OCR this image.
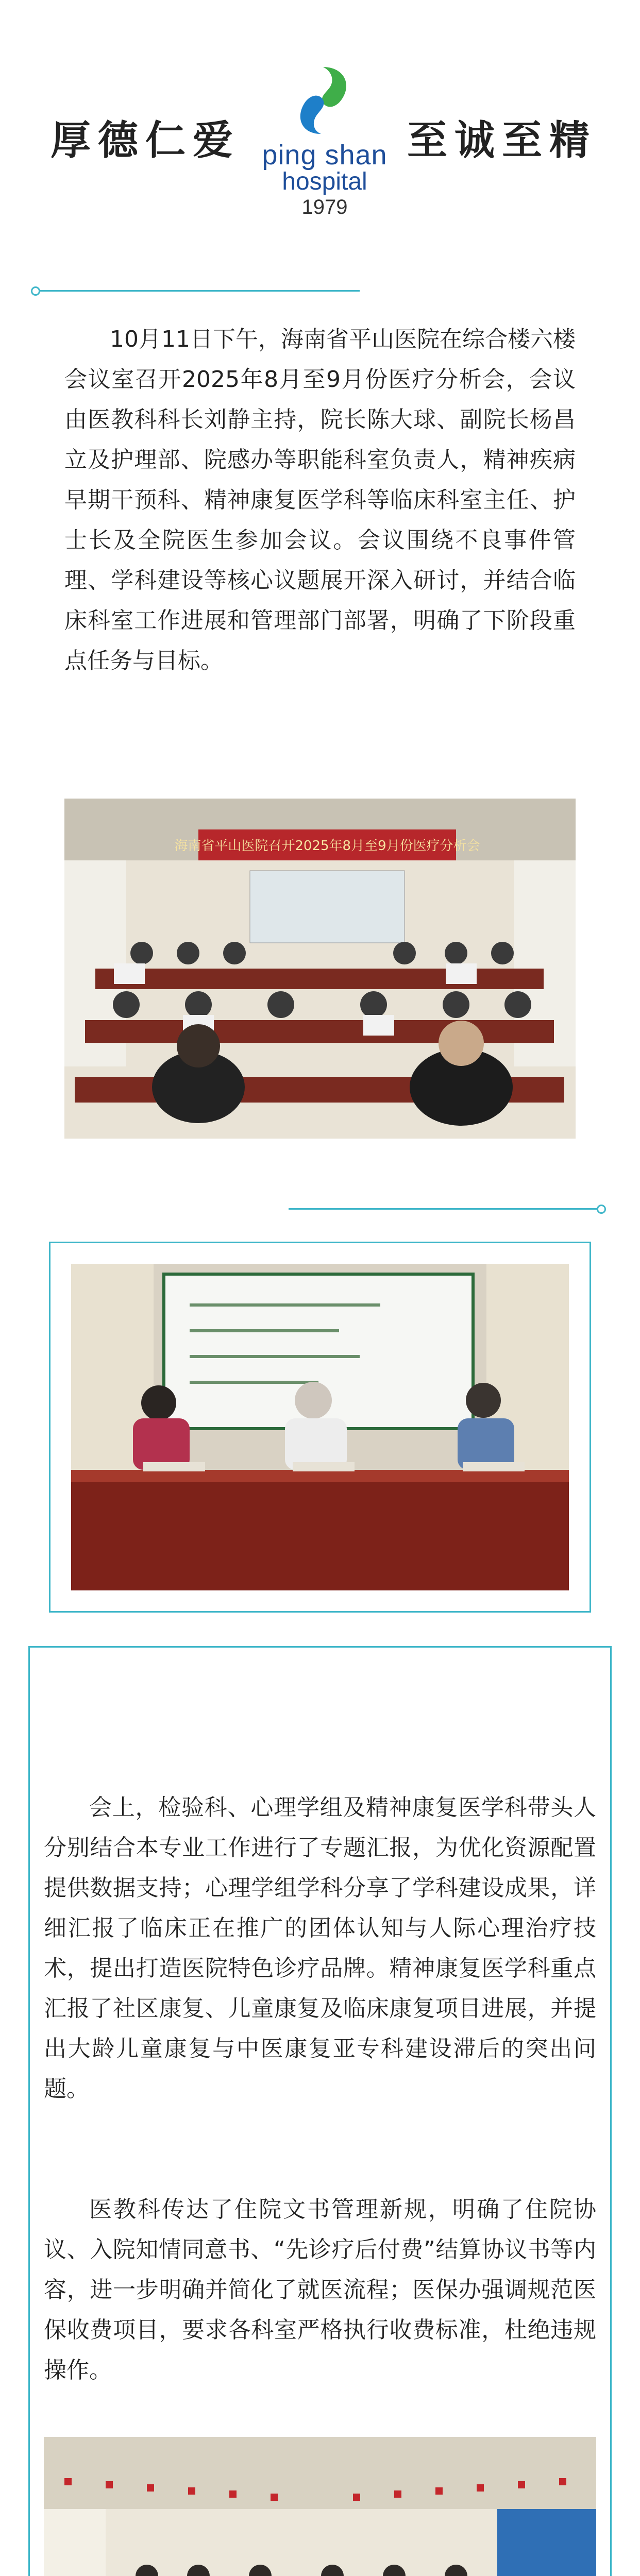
厚德仁爱 ping shan
hospital
1979
至诚至精
10月11日下午，海南省平山医院在综合楼六楼会议室召开2025年8月至9月份医疗分析会，会议由医教科科长刘静主持，院长陈大球、副院长杨昌立及护理部、院感办等职能科室负责人，精神疾病早期干预科、精神康复医学科等临床科室主任、护士长及全院医生参加会议。会议围绕不良事件管理、学科建设等核心议题展开深入研讨，并结合临床科室工作进展和管理部门部署，明确了下阶段重点任务与目标。
海南省平山医院召开2025年8月至9月份医疗分析会
会上，检验科、心理学组及精神康复医学科带头人分别结合本专业工作进行了专题汇报，为优化资源配置提供数据支持；心理学组学科分享了学科建设成果，详细汇报了临床正在推广的团体认知与人际心理治疗技术，提出打造医院特色诊疗品牌。精神康复医学科重点汇报了社区康复、儿童康复及临床康复项目进展，并提出大龄儿童康复与中医康复亚专科建设滞后的突出问题。
医教科传达了住院文书管理新规，明确了住院协议、入院知情同意书、“先诊疗后付费”结算协议书等内容，进一步明确并简化了就医流程；医保办强调规范医保收费项目，要求各科室严格执行收费标准，杜绝违规操作。
